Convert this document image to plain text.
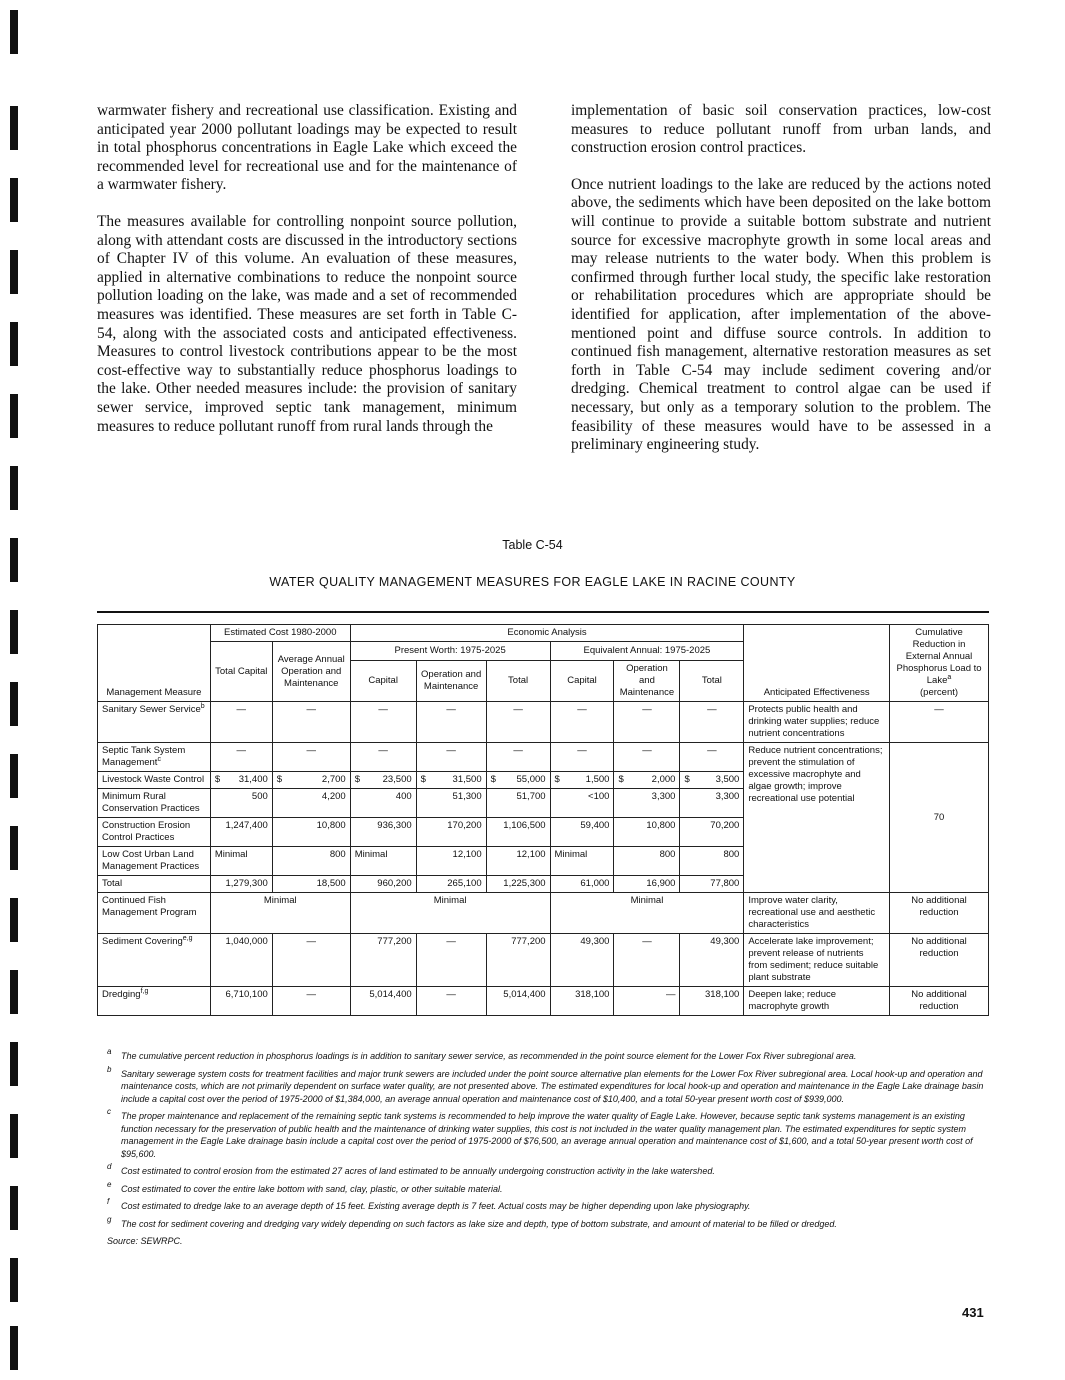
warmwater fishery and recreational use classification. Existing and anticipated year 2000 pollutant loadings may be expected to result in total phosphorus concentrations in Eagle Lake which exceed the recommended level for recreational use and for the maintenance of a warmwater fishery.

The measures available for controlling nonpoint source pollution, along with attendant costs are discussed in the introductory sections of Chapter IV of this volume. An evaluation of these measures, applied in alternative combinations to reduce the nonpoint source pollution loading on the lake, was made and a set of recommended measures was identified. These measures are set forth in Table C-54, along with the associated costs and anticipated effectiveness. Measures to control livestock contributions appear to be the most cost-effective way to substantially reduce phosphorus loadings to the lake. Other needed measures include: the provision of sanitary sewer service, improved septic tank management, minimum measures to reduce pollutant runoff from rural lands through the

implementation of basic soil conservation practices, low-cost measures to reduce pollutant runoff from urban lands, and construction erosion control practices.

Once nutrient loadings to the lake are reduced by the actions noted above, the sediments which have been deposited on the lake bottom will continue to provide a suitable bottom substrate and nutrient source for excessive macrophyte growth in some local areas and may release nutrients to the water body. When this problem is confirmed through further local study, the specific lake restoration or rehabilitation procedures which are appropriate should be identified for application, after implementation of the above-mentioned point and diffuse source controls. In addition to continued fish management, alternative restoration measures as set forth in Table C-54 may include sediment covering and/or dredging. Chemical treatment to control algae can be used if necessary, but only as a temporary solution to the problem. The feasibility of these measures would have to be assessed in a preliminary engineering study.

Table C-54
WATER QUALITY MANAGEMENT MEASURES FOR EAGLE LAKE IN RACINE COUNTY
Management Measure	Estimated Cost 1980-2000		Economic Analysis						Anticipated Effectiveness	Cumulative Reduction in External Annual Phosphorus Load to Lake$^a$
(percent)
	Total Capital	Average Annual Operation and Maintenance	Present Worth: 1975-2025			Equivalent Annual: 1975-2025				
			Capital	Operation and Maintenance	Total	Capital	Operation and Maintenance	Total		
Sanitary Sewer Service$^b$	—	—	—	—	—	—	—	—	Protects public health and drinking water supplies; reduce nutrient concentrations	—
Septic Tank System Management$^c$	—	—	—	—	—	—	—	—	Reduce nutrient concentrations; prevent the stimulation of excessive macrophyte and algae growth; improve recreational use potential	70
Livestock Waste Control	$ 31,400	$ 2,700	$ 23,500	$ 31,500	$ 55,000	$ 1,500	$ 2,000	$ 3,500		
Minimum Rural Conservation Practices	500	4,200	400	51,300	51,700	<100	3,300	3,300		
Construction Erosion Control Practices	1,247,400	10,800	936,300	170,200	1,106,500	59,400	10,800	70,200		
Low Cost Urban Land Management Practices	Minimal	800	Minimal	12,100	12,100	Minimal	800	800		
Total	1,279,300	18,500	960,200	265,100	1,225,300	61,000	16,900	77,800		
Continued Fish Management Program	Minimal		Minimal			Minimal			Improve water clarity, recreational use and aesthetic characteristics	No additional reduction
Sediment Covering$^{e,g}$	1,040,000	—	777,200	—	777,200	49,300	—	49,300	Accelerate lake improvement; prevent release of nutrients from sediment; reduce suitable plant substrate	No additional reduction
Dredging$^{f,g}$	6,710,100	—	5,014,400	—	5,014,400	318,100	—	318,100	Deepen lake; reduce macrophyte growth	No additional reduction
a The cumulative percent reduction in phosphorus loadings is in addition to sanitary sewer service, as recommended in the point source element for the Lower Fox River subregional area.
b Sanitary sewerage system costs for treatment facilities and major trunk sewers are included under the point source alternative plan elements for the Lower Fox River subregional area. Local hook-up and operation and maintenance costs, which are not primarily dependent on surface water quality, are not presented above. The estimated expenditures for local hook-up and operation and maintenance in the Eagle Lake drainage basin include a capital cost over the period of 1975-2000 of $1,384,000, an average annual operation and maintenance cost of $10,400, and a total 50-year present worth cost of $939,000.
c The proper maintenance and replacement of the remaining septic tank systems is recommended to help improve the water quality of Eagle Lake. However, because septic tank systems management is an existing function necessary for the preservation of public health and the maintenance of drinking water supplies, this cost is not included in the water quality management plan. The estimated expenditures for septic system management in the Eagle Lake drainage basin include a capital cost over the period of 1975-2000 of $76,500, an average annual operation and maintenance cost of $1,600, and a total 50-year present worth cost of $95,600.
d Cost estimated to control erosion from the estimated 27 acres of land estimated to be annually undergoing construction activity in the lake watershed.
e Cost estimated to cover the entire lake bottom with sand, clay, plastic, or other suitable material.
f Cost estimated to dredge lake to an average depth of 15 feet. Existing average depth is 7 feet. Actual costs may be higher depending upon lake physiography.
g The cost for sediment covering and dredging vary widely depending on such factors as lake size and depth, type of bottom substrate, and amount of material to be filled or dredged.
Source: SEWRPC.
431
